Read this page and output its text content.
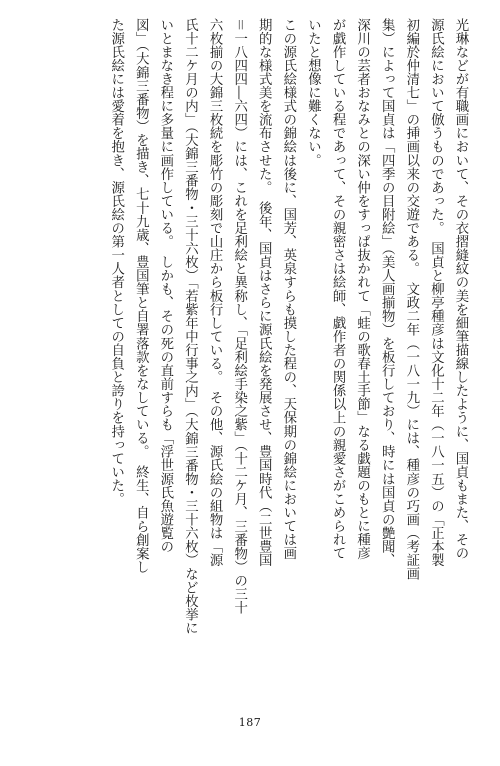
光琳などが有職画において、その衣摺縫紋の美を細筆描線したように、国貞もまた、その
源氏絵において倣うものであった。　国貞と柳亭種彦は文化十二年（一八一五）の「正本製
初編於仲清七」の挿画以来の交遊である。　文政二年（一八一九）には、種彦の巧画（考証画
集）によって国貞は「四季の目附絵」（美人画揃物）を板行しており、時には国貞の艶聞、
深川の芸者おなみとの深い仲をすっぱ抜かれて「蛙の歌春土手節」なる戯題のもとに種彦
が戯作している程であって、その親密さは絵師、戯作者の関係以上の親愛さがこめられて
いたと想像に難くない。
この源氏絵様式の錦絵は後に、国芳、英泉すらも摸した程の、天保期の錦絵においては画
期的な様式美を流布させた。　後年、国貞はさらに源氏絵を発展させ、豊国時代（二世豊国
＝一八四四―六四）には、これを足利絵と異称し、「足利絵手染之紫」（十二ケ月、三番物）の三十
六枚揃の大錦三枚続を彫竹の彫刻で山庄から板行している。　その他、源氏絵の組物は「源
氏十二ケ月の内」（大錦三番物・三十六枚）「若紫年中行事之内」（大錦三番物・三十六枚）など枚挙に
いとまなき程に多量に画作している。　しかも、その死の直前すらも「浮世源氏魚遊覧の
図」（大錦三番物）を描き、七十九歳、豊国筆と自署落款をなしている。　終生、自ら創案し
た源氏絵には愛着を抱き、源氏絵の第一人者としての自負と誇りを持っていた。
187
